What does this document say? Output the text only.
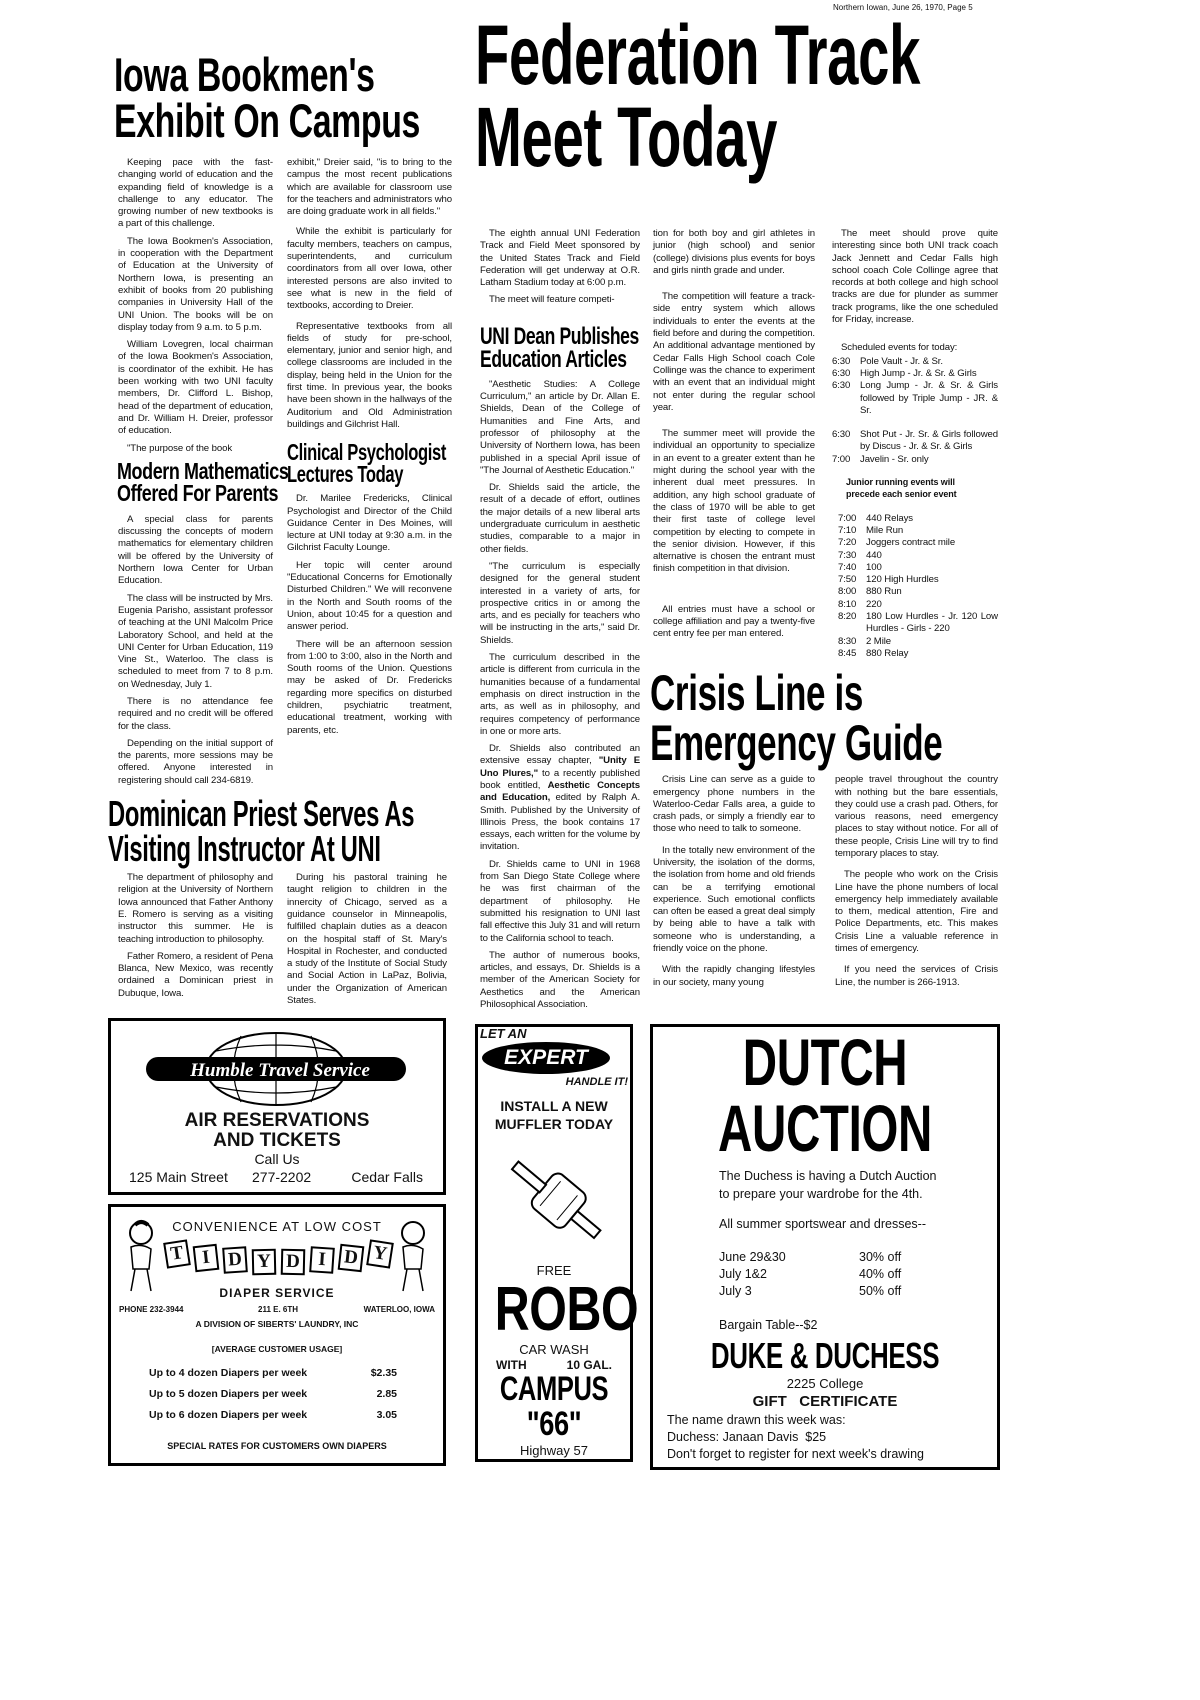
Northern Iowan, June 26, 1970, Page 5
Iowa Bookmen's
Exhibit On Campus

Keeping pace with the fast-changing world of education and the expanding field of knowledge is a challenge to any educator. The growing number of new textbooks is a part of this challenge.

The Iowa Bookmen's Association, in cooperation with the Department of Education at the University of Northern Iowa, is presenting an exhibit of books from 20 publishing companies in University Hall of the UNI Union. The books will be on display today from 9 a.m. to 5 p.m.

William Lovegren, local chairman of the Iowa Bookmen's Association, is coordinator of the exhibit. He has been working with two UNI faculty members, Dr. Clifford L. Bishop, head of the department of education, and Dr. William H. Dreier, professor of education.

"The purpose of the book

Modern Mathematics
Offered For Parents

A special class for parents discussing the concepts of modern mathematics for elementary children will be offered by the University of Northern Iowa Center for Urban Education.

The class will be instructed by Mrs. Eugenia Parisho, assistant professor of teaching at the UNI Malcolm Price Laboratory School, and held at the UNI Center for Urban Education, 119 Vine St., Waterloo. The class is scheduled to meet from 7 to 8 p.m. on Wednesday, July 1.

There is no attendance fee required and no credit will be offered for the class.

Depending on the initial support of the parents, more sessions may be offered. Anyone interested in registering should call 234-6819.

exhibit," Dreier said, "is to bring to the campus the most recent publications which are available for classroom use for the teachers and administrators who are doing graduate work in all fields."

While the exhibit is particularly for faculty members, teachers on campus, superintendents, and curriculum coordinators from all over Iowa, other interested persons are also invited to see what is new in the field of textbooks, according to Dreier.

Representative textbooks from all fields of study for pre-school, elementary, junior and senior high, and college classrooms are included in the display, being held in the Union for the first time. In previous year, the books have been shown in the hallways of the Auditorium and Old Administration buildings and Gilchrist Hall.

Clinical Psychologist
Lectures Today

Dr. Marilee Fredericks, Clinical Psychologist and Director of the Child Guidance Center in Des Moines, will lecture at UNI today at 9:30 a.m. in the Gilchrist Faculty Lounge.

Her topic will center around "Educational Concerns for Emotionally Disturbed Children." We will reconvene in the North and South rooms of the Union, about 10:45 for a question and answer period.

There will be an afternoon session from 1:00 to 3:00, also in the North and South rooms of the Union. Questions may be asked of Dr. Fredericks regarding more specifics on disturbed children, psychiatric treatment, educational treatment, working with parents, etc.

Dominican Priest Serves As
Visiting Instructor At UNI

The department of philosophy and religion at the University of Northern Iowa announced that Father Anthony E. Romero is serving as a visiting instructor this summer. He is teaching introduction to philosophy.

Father Romero, a resident of Pena Blanca, New Mexico, was recently ordained a Dominican priest in Dubuque, Iowa.

During his pastoral training he taught religion to children in the innercity of Chicago, served as a guidance counselor in Minneapolis, fulfilled chaplain duties as a deacon on the hospital staff of St. Mary's Hospital in Rochester, and conducted a study of the Institute of Social Study and Social Action in LaPaz, Bolivia, under the Organization of American States.

Humble Travel Service
AIR RESERVATIONS
AND TICKETS
Call Us
125 Main Street 277-2202	Cedar Falls
CONVENIENCE AT LOW COST
T I D Y D I D Y
DIAPER SERVICE
PHONE 232-3944	211 E. 6TH	WATERLOO, IOWA
A DIVISION OF SIBERTS' LAUNDRY, INC
[AVERAGE CUSTOMER USAGE]
Up to 4 dozen Diapers per week	$2.35
Up to 5 dozen Diapers per week	2.85
Up to 6 dozen Diapers per week	3.05
SPECIAL RATES FOR CUSTOMERS OWN DIAPERS
Federation Track
Meet Today

The eighth annual UNI Federation Track and Field Meet sponsored by the United States Track and Field Federation will get underway at O.R. Latham Stadium today at 6:00 p.m.

The meet will feature competi-

UNI Dean Publishes
Education Articles

"Aesthetic Studies: A College Curriculum," an article by Dr. Allan E. Shields, Dean of the College of Humanities and Fine Arts, and professor of philosophy at the University of Northern Iowa, has been published in a special April issue of "The Journal of Aesthetic Education."

Dr. Shields said the article, the result of a decade of effort, outlines the major details of a new liberal arts undergraduate curriculum in aesthetic studies, comparable to a major in other fields.

"The curriculum is especially designed for the general student interested in a variety of arts, for prospective critics in or among the arts, and es pecially for teachers who will be instructing in the arts," said Dr. Shields.

The curriculum described in the article is different from curricula in the humanities because of a fundamental emphasis on direct instruction in the arts, as well as in philosophy, and requires competency of performance in one or more arts.

Dr. Shields also contributed an extensive essay chapter, "Unity E Uno Plures," to a recently published book entitled, Aesthetic Concepts and Education, edited by Ralph A. Smith. Published by the University of Illinois Press, the book contains 17 essays, each written for the volume by invitation.

Dr. Shields came to UNI in 1968 from San Diego State College where he was first chairman of the department of philosophy. He submitted his resignation to UNI last fall effective this July 31 and will return to the California school to teach.

The author of numerous books, articles, and essays, Dr. Shields is a member of the American Society for Aesthetics and the American Philosophical Association.

tion for both boy and girl athletes in junior (high school) and senior (college) divisions plus events for boys and girls ninth grade and under.

The competition will feature a track-side entry system which allows individuals to enter the events at the field before and during the competition. An additional advantage mentioned by Cedar Falls High School coach Cole Collinge was the chance to experiment with an event that an individual might not enter during the regular school year.

The summer meet will provide the individual an opportunity to specialize in an event to a greater extent than he might during the school year with the inherent dual meet pressures. In addition, any high school graduate of the class of 1970 will be able to get their first taste of college level competition by electing to compete in the senior division. However, if this alternative is chosen the entrant must finish competition in that division.

All entries must have a school or college affiliation and pay a twenty-five cent entry fee per man entered.

The meet should prove quite interesting since both UNI track coach Jack Jennett and Cedar Falls high school coach Cole Collinge agree that records at both college and high school tracks are due for plunder as summer track programs, like the one scheduled for Friday, increase.

Scheduled events for today:

6:30	Pole Vault - Jr. & Sr.
6:30	High Jump - Jr. & Sr. & Girls
6:30	Long Jump - Jr. & Sr. & Girls followed by Triple Jump - JR. & Sr.
6:30	Shot Put - Jr. Sr. & Girls followed by Discus - Jr. & Sr. & Girls
7:00	Javelin - Sr. only

Junior running events will precede each senior event

7:00	440 Relays
7:10	Mile Run
7:20	Joggers contract mile
7:30	440
7:40	100
7:50	120 High Hurdles
8:00	880 Run
8:10	220
8:20	180 Low Hurdles - Jr. 120 Low Hurdles - Girls - 220
8:30	2 Mile
8:45	880 Relay
Crisis Line is
Emergency Guide

Crisis Line can serve as a guide to emergency phone numbers in the Waterloo-Cedar Falls area, a guide to crash pads, or simply a friendly ear to those who need to talk to someone.

In the totally new environment of the University, the isolation of the dorms, the isolation from home and old friends can be a terrifying emotional experience. Such emotional conflicts can often be eased a great deal simply by being able to have a talk with someone who is understanding, a friendly voice on the phone.

With the rapidly changing lifestyles in our society, many young

people travel throughout the country with nothing but the bare essentials, they could use a crash pad. Others, for various reasons, need emergency places to stay without notice. For all of these people, Crisis Line will try to find temporary places to stay.

The people who work on the Crisis Line have the phone numbers of local emergency help immediately available to them, medical attention, Fire and Police Departments, etc. This makes Crisis Line a valuable reference in times of emergency.

If you need the services of Crisis Line, the number is 266-1913.

LET AN
EXPERT
HANDLE IT!
INSTALL A NEW MUFFLER TODAY
FREE
ROBO
CAR WASH
WITH	10 GAL.
CAMPUS
"66"
Highway 57
DUTCH
AUCTION
The Duchess is having a Dutch Auction to prepare your wardrobe for the 4th.
All summer sportswear and dresses--
June 29&30	30% off
July 1&2	40% off
July 3	50% off
Bargain Table--$2
DUKE & DUCHESS
2225 College
GIFT   CERTIFICATE
The name drawn this week was:
Duchess: Janaan Davis  $25
Don't forget to register for next week's drawing
